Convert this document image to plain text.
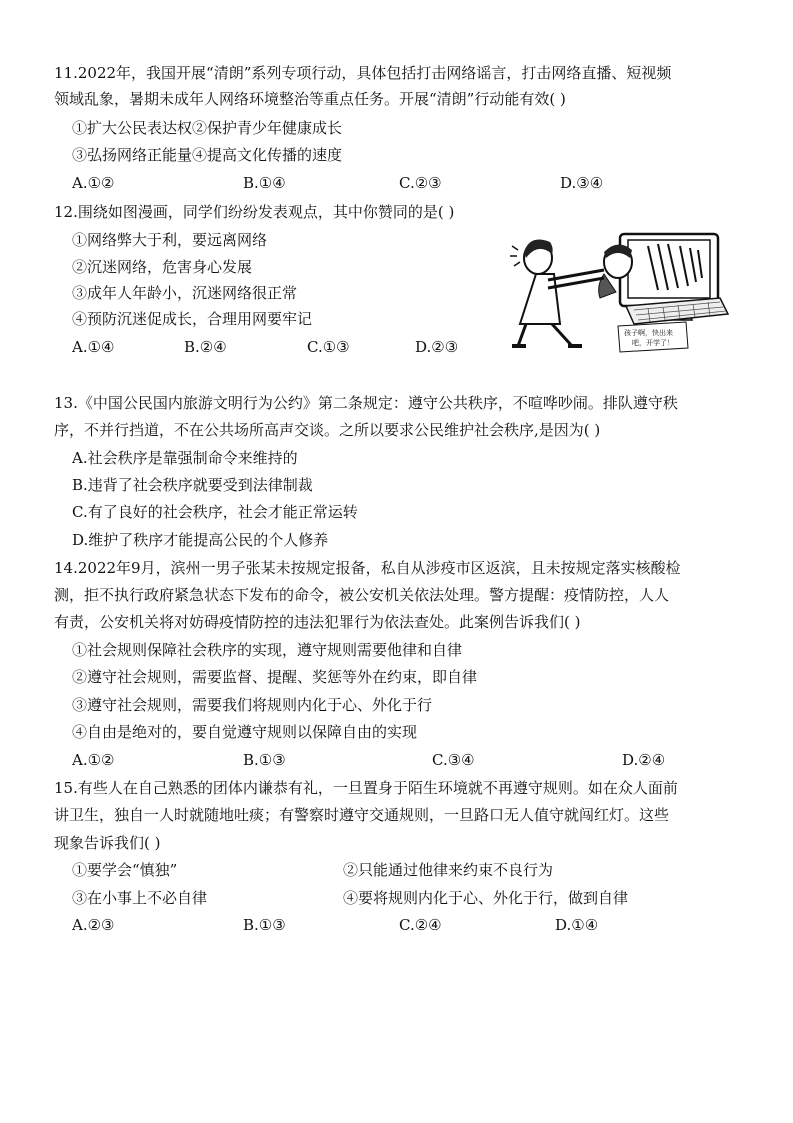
11.2022年，我国开展“清朗”系列专项行动，具体包括打击网络谣言，打击网络直播、短视频
领域乱象，暑期未成年人网络环境整治等重点任务。开展“清朗”行动能有效( )
①扩大公民表达权②保护青少年健康成长
③弘扬网络正能量④提高文化传播的速度
A.①②	B.①④	C.②③	D.③④
12.围绕如图漫画，同学们纷纷发表观点，其中你赞同的是( )
①网络弊大于利，要远离网络
②沉迷网络，危害身心发展
③成年人年龄小，沉迷网络很正常
④预防沉迷促成长，合理用网要牢记
A.①④	B.②④	C.①③	D.②③
孩子啊，快出来
吧，开学了！
13.《中国公民国内旅游文明行为公约》第二条规定：遵守公共秩序，不喧哗吵闹。排队遵守秩
序，不并行挡道，不在公共场所高声交谈。之所以要求公民维护社会秩序,是因为( )
A.社会秩序是靠强制命令来维持的
B.违背了社会秩序就要受到法律制裁
C.有了良好的社会秩序，社会才能正常运转
D.维护了秩序才能提高公民的个人修养
14.2022年9月，滨州一男子张某未按规定报备，私自从涉疫市区返滨，且未按规定落实核酸检
测，拒不执行政府紧急状态下发布的命令，被公安机关依法处理。警方提醒：疫情防控，人人
有责，公安机关将对妨碍疫情防控的违法犯罪行为依法查处。此案例告诉我们( )
①社会规则保障社会秩序的实现，遵守规则需要他律和自律
②遵守社会规则，需要监督、提醒、奖惩等外在约束，即自律
③遵守社会规则，需要我们将规则内化于心、外化于行
④自由是绝对的，要自觉遵守规则以保障自由的实现
A.①②	B.①③	C.③④	D.②④
15.有些人在自己熟悉的团体内谦恭有礼，一旦置身于陌生环境就不再遵守规则。如在众人面前
讲卫生，独自一人时就随地吐痰；有警察时遵守交通规则，一旦路口无人值守就闯红灯。这些
现象告诉我们( )
①要学会“慎独”	②只能通过他律来约束不良行为
③在小事上不必自律	④要将规则内化于心、外化于行，做到自律
A.②③	B.①③	C.②④	D.①④
